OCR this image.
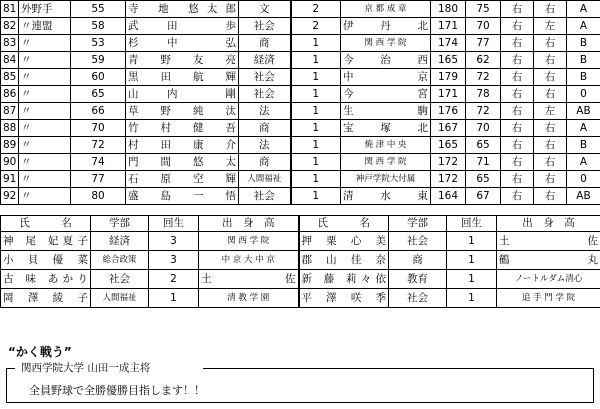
81	外野手	55	寺 地 悠太郎	文	2	京 都 成 章	180	75	右	右	A
82	〃連盟	58	武　田　　歩	社会	2	伊　丹　北	171	70	右	左	A
83	〃	53	杉　中　　弘	商	1	関 西 学 院	174	77	右	右	B
84	〃	59	青 野 友 亮	経済	1	今　治　西	165	62	右	右	B
85	〃	60	黒 田 航 輝	社会	1	中　　　　京	179	72	右	右	B
86	〃	65	山　内　　剛	社会	1	今　　　　宮	171	78	右	右	0
87	〃	66	草 野 純 汰	法	1	生　　　　駒	176	72	右	左	AB
88	〃	70	竹 村 健 吾	商	1	宝　塚　北	167	70	右	右	A
89	〃	72	村 田 康 介	法	1	焼 津 中 央	165	65	右	右	B
90	〃	74	門 間 悠 太	商	1	関 西 学 院	172	71	右	右	A
91	〃	77	石 原 空 輝	人間福祉	1	神戸学院大付属	172	65	右	右	0
92	〃	80	盛 島 一 悟	社会	1	清　水　東	164	67	右	右	AB
氏　　　名	学部	回生	出　身　高	氏　　　名	学部	回生	出　身　高
神 尾 妃夏子	経済	3	関 西 学 院	押 栗 心 美	社会	1	土　　　佐
小 貝 優 菜	総合政策	3	中 京 大 中 京	郡 山 佳 奈	商	1	鶴　　　丸
古 味 あかり	社会	2	土　　　佐	新 藤 莉々依	教育	1	ノートルダム清心
岡 澤 綾 子	人間福祉	1	清 教 学 園	平 澤 咲 季	社会	1	追 手 門 学 院
“かく戦う”
関西学院大学 山田一成主将
全員野球で全勝優勝目指します！！
